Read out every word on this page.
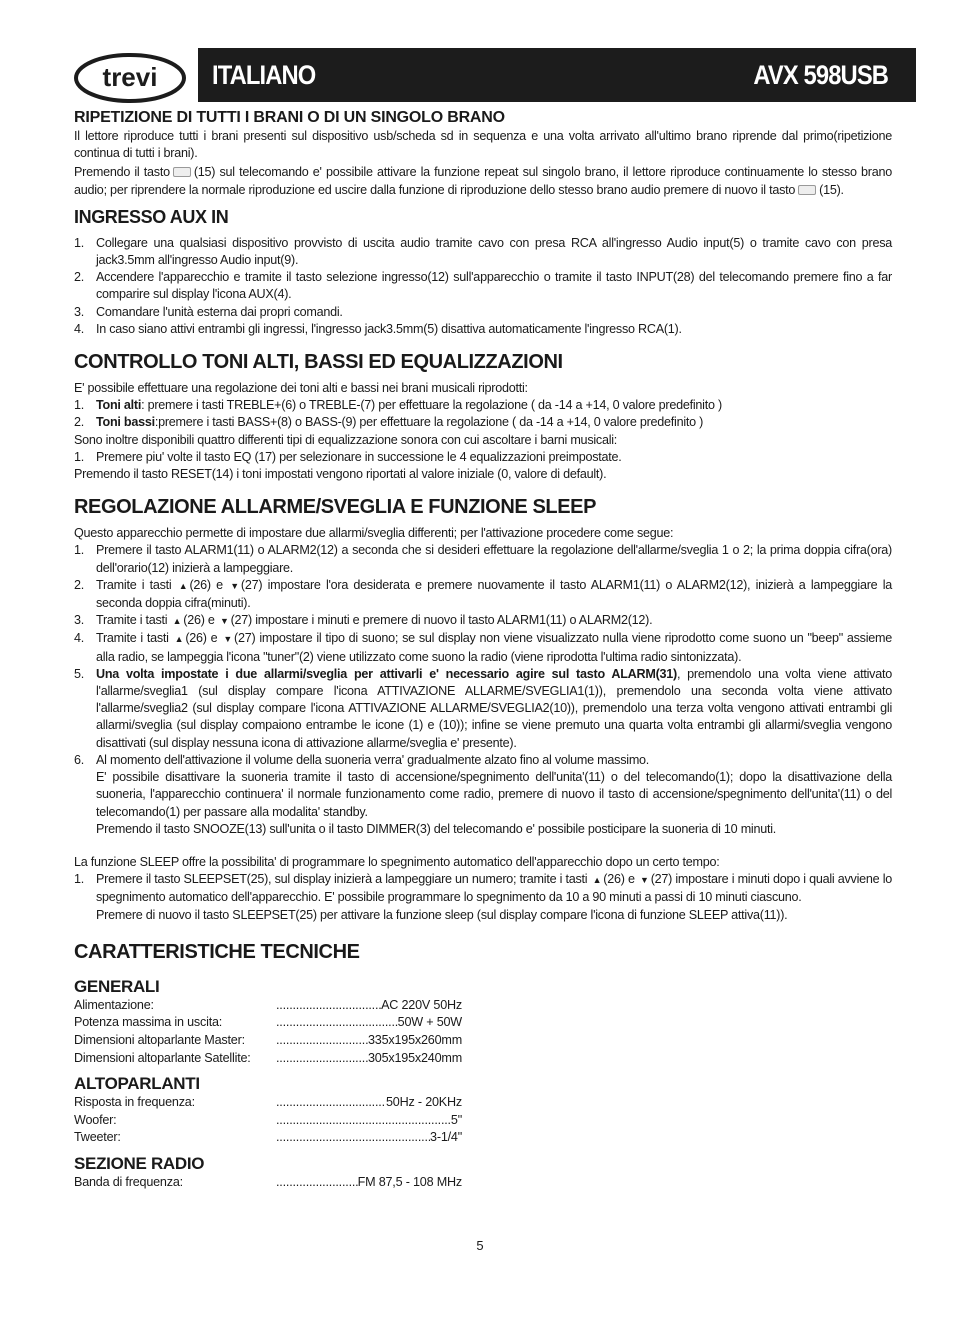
trevi ITALIANO	AVX 598USB
RIPETIZIONE DI TUTTI I BRANI O DI UN SINGOLO BRANO

Il lettore riproduce tutti i brani presenti sul dispositivo usb/scheda sd in sequenza e una volta arrivato all'ultimo brano riprende dal primo(ripetizione continua di tutti i brani).

Premendo il tasto (15) sul telecomando e' possibile attivare la funzione repeat sul singolo brano, il lettore riproduce continuamente lo stesso brano audio; per riprendere la normale riproduzione ed uscire dalla funzione di riproduzione dello stesso brano audio premere di nuovo il tasto (15).

INGRESSO AUX IN
1. Collegare una qualsiasi dispositivo provvisto di uscita audio tramite cavo con presa RCA all'ingresso Audio input(5) o tramite cavo con presa jack3.5mm all'ingresso Audio input(9).
2. Accendere l'apparecchio e tramite il tasto selezione ingresso(12) sull'apparecchio o tramite il tasto INPUT(28) del telecomando premere fino a far comparire sul display l'icona AUX(4).
3. Comandare l'unità esterna dai propri comandi.
4. In caso siano attivi entrambi gli ingressi, l'ingresso jack3.5mm(5) disattiva automaticamente l'ingresso RCA(1).
CONTROLLO TONI ALTI, BASSI ED EQUALIZZAZIONI

E' possibile effettuare una regolazione dei toni alti e bassi nei brani musicali riprodotti:

1. Toni alti: premere i tasti TREBLE+(6) o TREBLE-(7) per effettuare la regolazione ( da -14 a +14, 0 valore predefinito )
2. Toni bassi:premere i tasti BASS+(8) o BASS-(9) per effettuare la regolazione ( da -14 a +14, 0 valore predefinito )

Sono inoltre disponibili quattro differenti tipi di equalizzazione sonora con cui ascoltare i barni musicali:

1. Premere piu' volte il tasto EQ (17) per selezionare in successione le 4 equalizzazioni preimpostate.

Premendo il tasto RESET(14) i toni impostati vengono riportati al valore iniziale (0, valore di default).

REGOLAZIONE ALLARME/SVEGLIA E FUNZIONE SLEEP

Questo apparecchio permette di impostare due allarmi/sveglia differenti; per l'attivazione procedere come segue:

1. Premere il tasto ALARM1(11) o ALARM2(12) a seconda che si desideri effettuare la regolazione dell'allarme/sveglia 1 o 2; la prima doppia cifra(ora) dell'orario(12) inizierà a lampeggiare.
2. Tramite i tasti ▲ (26) e ▼ (27) impostare l'ora desiderata e premere nuovamente il tasto ALARM1(11) o ALARM2(12), inizierà a lampeggiare la seconda doppia cifra(minuti).
3. Tramite i tasti ▲ (26) e ▼ (27) impostare i minuti e premere di nuovo il tasto ALARM1(11) o ALARM2(12).
4. Tramite i tasti ▲ (26) e ▼ (27) impostare il tipo di suono; se sul display non viene visualizzato nulla viene riprodotto come suono un "beep" assieme alla radio, se lampeggia l'icona "tuner"(2) viene utilizzato come suono la radio (viene riprodotta l'ultima radio sintonizzata).
5. Una volta impostate i due allarmi/sveglia per attivarli e' necessario agire sul tasto ALARM(31), premendolo una volta viene attivato l'allarme/sveglia1 (sul display compare l'icona ATTIVAZIONE ALLARME/SVEGLIA1(1)), premendolo una seconda volta viene attivato l'allarme/sveglia2 (sul display compare l'icona ATTIVAZIONE ALLARME/SVEGLIA2(10)), premendolo una terza volta vengono attivati entrambi gli allarmi/sveglia (sul display compaiono entrambe le icone (1) e (10)); infine se viene premuto una quarta volta entrambi gli allarmi/sveglia vengono disattivati (sul display nessuna icona di attivazione allarme/sveglia e' presente).
6. Al momento dell'attivazione il volume della suoneria verra' gradualmente alzato fino al volume massimo.

E' possibile disattivare la suoneria tramite il tasto di accensione/spegnimento dell'unita'(11) o del telecomando(1); dopo la disattivazione della suoneria, l'apparecchio continuera' il normale funzionamento come radio, premere di nuovo il tasto di accensione/spegnimento dell'unita'(11) o del telecomando(1) per passare alla modalita' standby.

Premendo il tasto SNOOZE(13) sull'unita o il tasto DIMMER(3) del telecomando e' possibile posticipare la suoneria di 10 minuti.

La funzione SLEEP offre la possibilita' di programmare lo spegnimento automatico dell'apparecchio dopo un certo tempo:

1. Premere il tasto SLEEPSET(25), sul display inizierà a lampeggiare un numero; tramite i tasti ▲ (26) e ▼ (27) impostare i minuti dopo i quali avviene lo spegnimento automatico dell'apparecchio. E' possibile programmare lo spegnimento da 10 a 90 minuti a passi di 10 minuti ciascuno.

Premere di nuovo il tasto SLEEPSET(25) per attivare la funzione sleep (sul display compare l'icona di funzione SLEEP attiva(11)).

CARATTERISTICHE TECNICHE
GENERALI
Alimentazione: .....	AC 220V 50Hz
Potenza massima in uscita: .....	50W + 50W
Dimensioni altoparlante Master: .....	335x195x260mm
Dimensioni altoparlante Satellite: .....	305x195x240mm
ALTOPARLANTI
Risposta in frequenza: .....	50Hz - 20KHz
Woofer: .....	5"
Tweeter: .....	3-1/4"
SEZIONE RADIO
Banda di frequenza: .....	FM 87,5 - 108 MHz
5
